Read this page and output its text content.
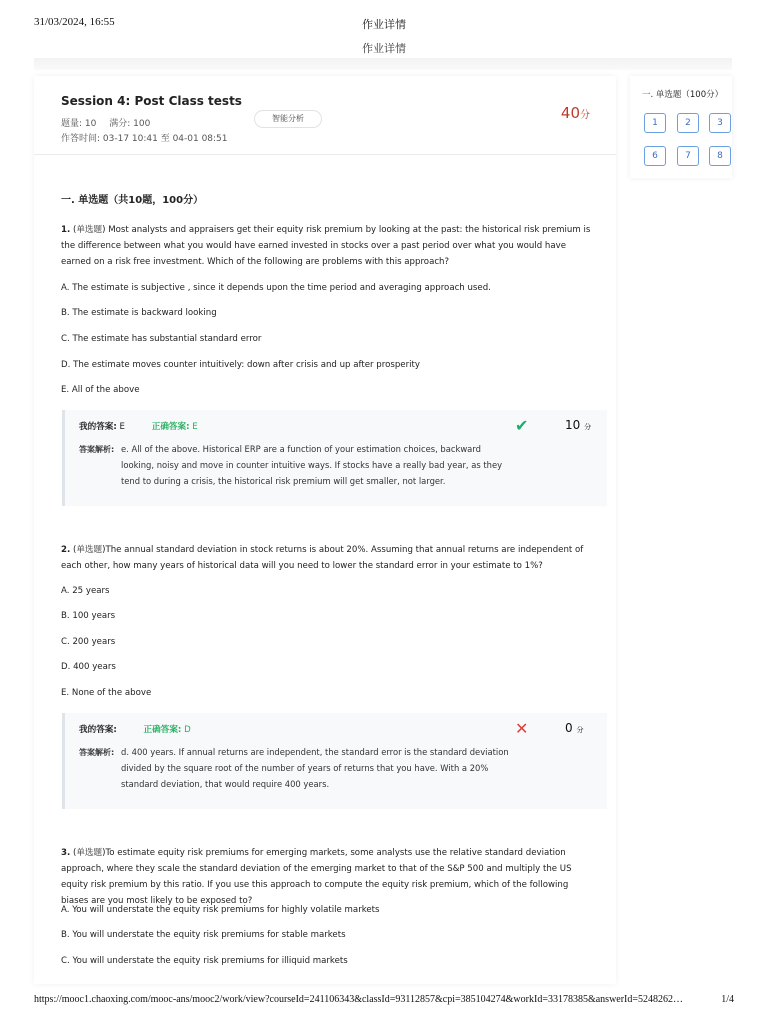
31/03/2024, 16:55	作业详情
作业详情
Session 4: Post Class tests
题量: 10 满分: 100
作答时间: 03-17 10:41 至 04-01 08:51
智能分析	40分
一. 单选题（共10题，100分）
1. (单选题) Most analysts and appraisers get their equity risk premium by looking at the past: the historical risk premium is the difference between what you would have earned invested in stocks over a past period over what you would have earned on a risk free investment. Which of the following are problems with this approach?
A. The estimate is subjective , since it depends upon the time period and averaging approach used.
B. The estimate is backward looking
C. The estimate has substantial standard error
D. The estimate moves counter intuitively: down after crisis and up after prosperity
E. All of the above
我的答案: E	正确答案: E	✔	10 分
答案解析: e. All of the above. Historical ERP are a function of your estimation choices, backward looking, noisy and move in counter intuitive ways. If stocks have a really bad year, as they tend to during a crisis, the historical risk premium will get smaller, not larger.
2. (单选题)The annual standard deviation in stock returns is about 20%. Assuming that annual returns are independent of each other, how many years of historical data will you need to lower the standard error in your estimate to 1%?
A. 25 years
B. 100 years
C. 200 years
D. 400 years
E. None of the above
我的答案:	正确答案: D	✕	0 分
答案解析: d. 400 years. If annual returns are independent, the standard error is the standard deviation divided by the square root of the number of years of returns that you have. With a 20% standard deviation, that would require 400 years.
3. (单选题)To estimate equity risk premiums for emerging markets, some analysts use the relative standard deviation approach, where they scale the standard deviation of the emerging market to that of the S&P 500 and multiply the US equity risk premium by this ratio. If you use this approach to compute the equity risk premium, which of the following biases are you most likely to be exposed to?
A. You will understate the equity risk premiums for highly volatile markets
B. You will understate the equity risk premiums for stable markets
C. You will understate the equity risk premiums for illiquid markets
一. 单选题（100分）
1	2	3
6	7	8
https://mooc1.chaoxing.com/mooc-ans/mooc2/work/view?courseId=241106343&classId=93112857&cpi=385104274&workId=33178385&answerId=5248262…	1/4
